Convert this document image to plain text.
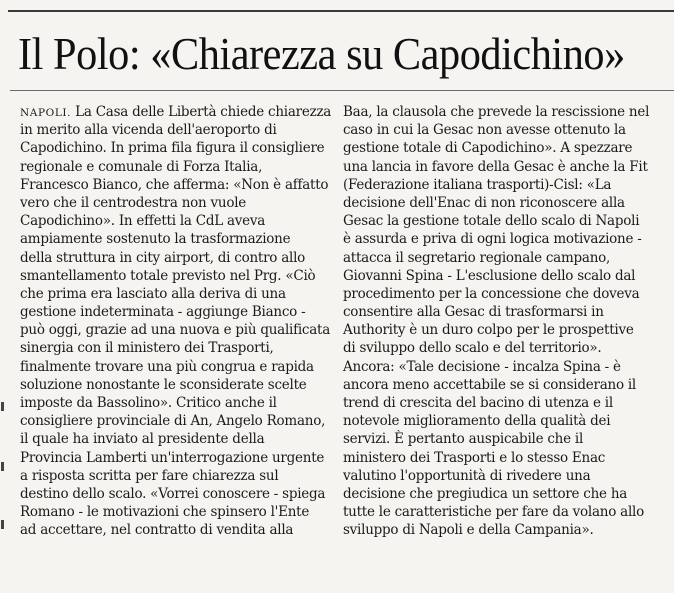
Il Polo: «Chiarezza su Capodichino»
NAPOLI. La Casa delle Libertà chiede chiarezza
in merito alla vicenda dell'aeroporto di
Capodichino. In prima fila figura il consigliere
regionale e comunale di Forza Italia,
Francesco Bianco, che afferma: «Non è affatto
vero che il centrodestra non vuole
Capodichino». In effetti la CdL aveva
ampiamente sostenuto la trasformazione
della struttura in city airport, di contro allo
smantellamento totale previsto nel Prg. «Ciò
che prima era lasciato alla deriva di una
gestione indeterminata - aggiunge Bianco -
può oggi, grazie ad una nuova e più qualificata
sinergia con il ministero dei Trasporti,
finalmente trovare una più congrua e rapida
soluzione nonostante le sconsiderate scelte
imposte da Bassolino». Critico anche il
consigliere provinciale di An, Angelo Romano,
il quale ha inviato al presidente della
Provincia Lamberti un'interrogazione urgente
a risposta scritta per fare chiarezza sul
destino dello scalo. «Vorrei conoscere - spiega
Romano - le motivazioni che spinsero l'Ente
ad accettare, nel contratto di vendita alla
Baa, la clausola che prevede la rescissione nel
caso in cui la Gesac non avesse ottenuto la
gestione totale di Capodichino». A spezzare
una lancia in favore della Gesac è anche la Fit
(Federazione italiana trasporti)-Cisl: «La
decisione dell'Enac di non riconoscere alla
Gesac la gestione totale dello scalo di Napoli
è assurda e priva di ogni logica motivazione -
attacca il segretario regionale campano,
Giovanni Spina - L'esclusione dello scalo dal
procedimento per la concessione che doveva
consentire alla Gesac di trasformarsi in
Authority è un duro colpo per le prospettive
di sviluppo dello scalo e del territorio».
Ancora: «Tale decisione - incalza Spina - è
ancora meno accettabile se si considerano il
trend di crescita del bacino di utenza e il
notevole miglioramento della qualità dei
servizi. È pertanto auspicabile che il
ministero dei Trasporti e lo stesso Enac
valutino l'opportunità di rivedere una
decisione che pregiudica un settore che ha
tutte le caratteristiche per fare da volano allo
sviluppo di Napoli e della Campania».
